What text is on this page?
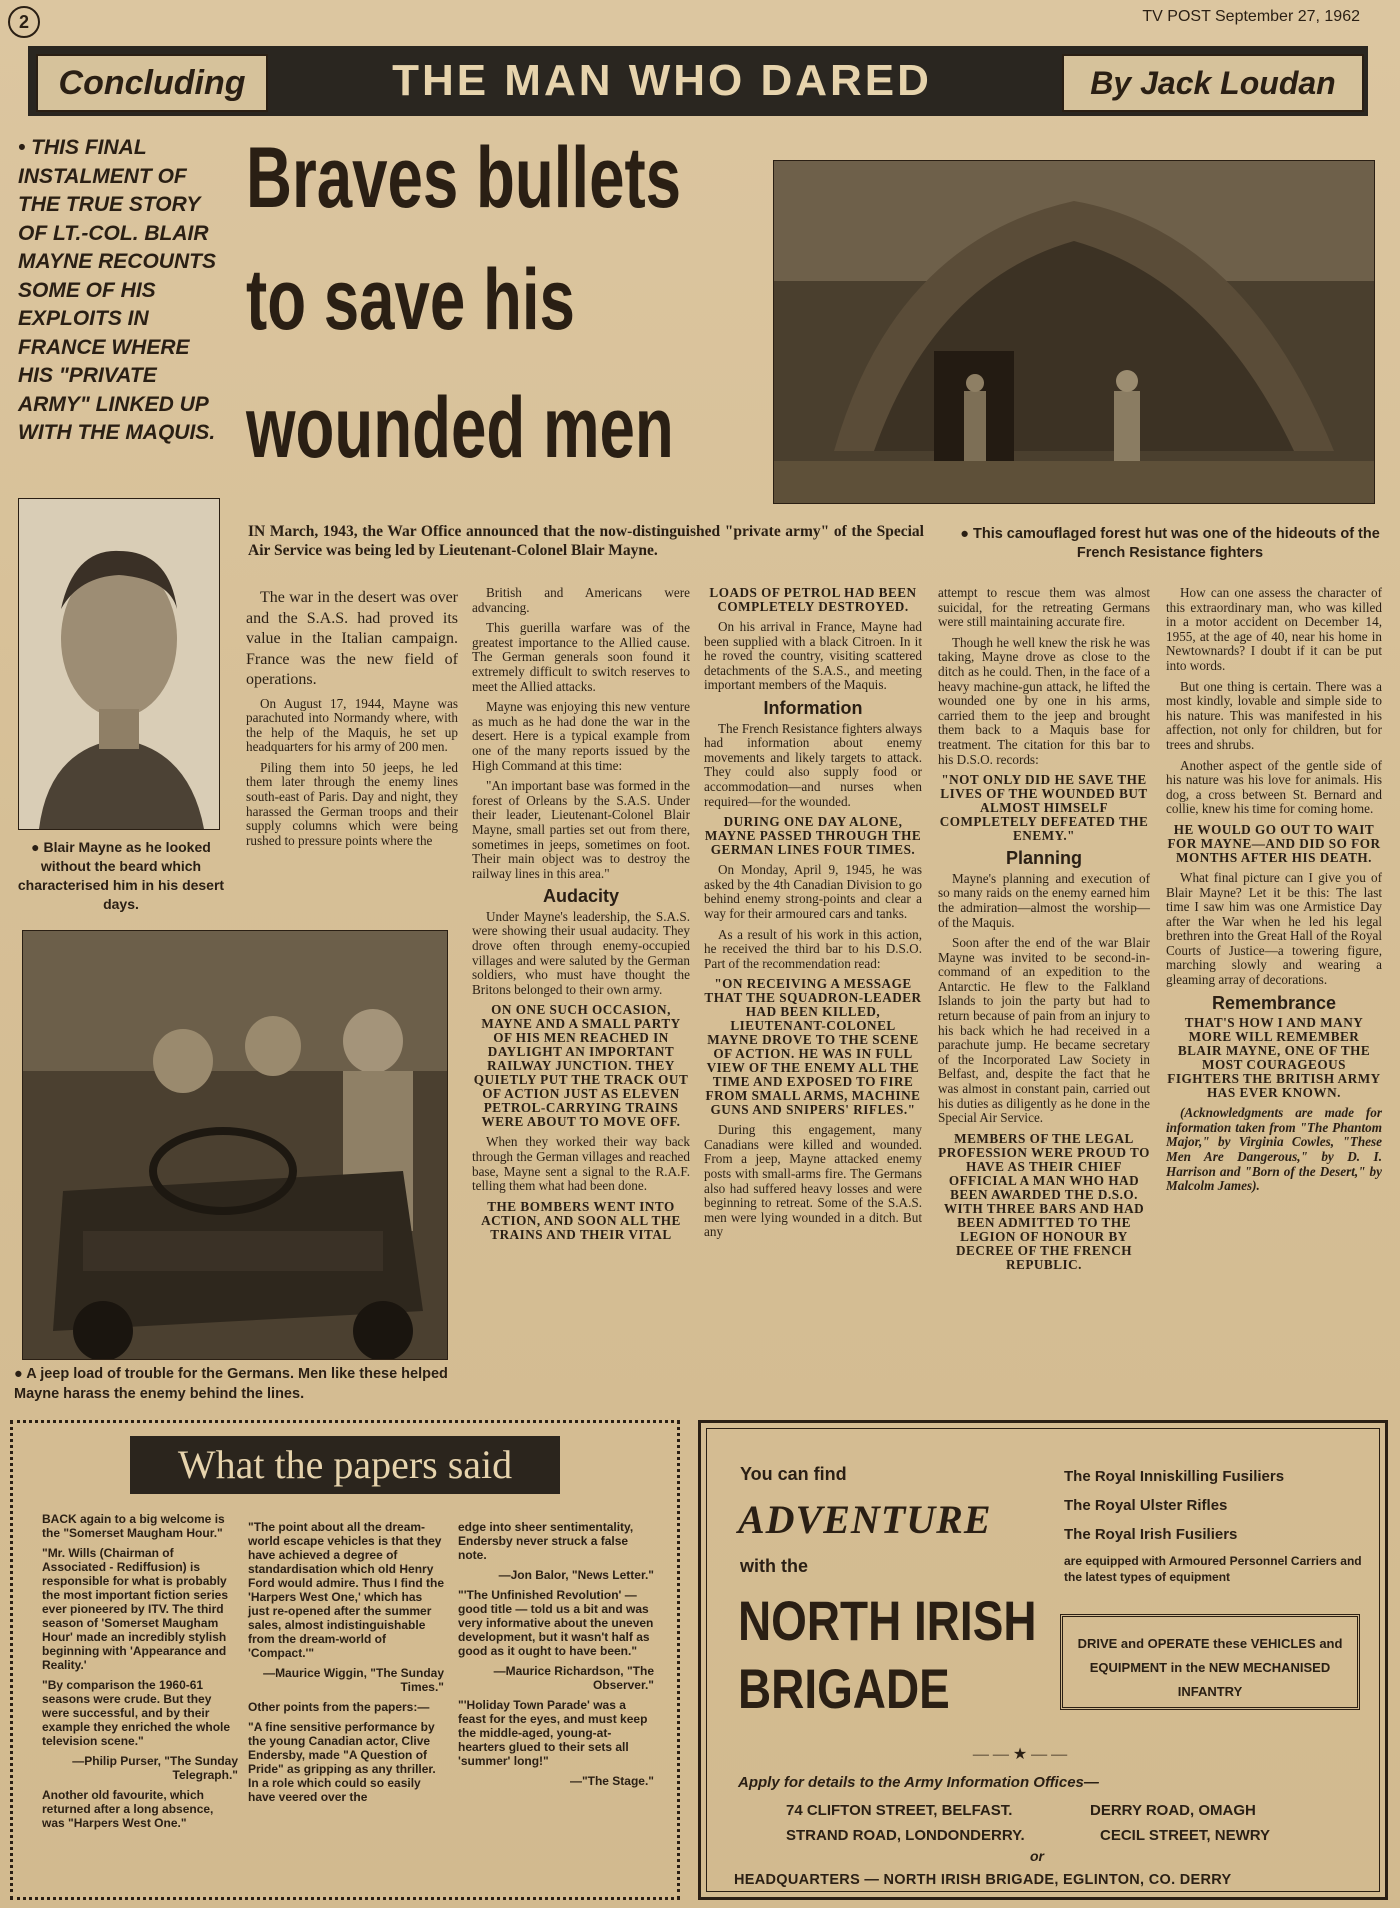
2	TV POST September 27, 1962
Concluding	THE MAN WHO DARED	By Jack Loudan
• THIS FINAL INSTALMENT OF THE TRUE STORY OF LT.-COL. BLAIR MAYNE RECOUNTS SOME OF HIS EXPLOITS IN FRANCE WHERE HIS "PRIVATE ARMY" LINKED UP WITH THE MAQUIS.
Braves bullets
to save his
wounded men
● This camouflaged forest hut was one of the hideouts of the French Resistance fighters
● Blair Mayne as he looked without the beard which characterised him in his desert days.
● A jeep load of trouble for the Germans. Men like these helped Mayne harass the enemy behind the lines.
IN March, 1943, the War Office announced that the now-distinguished "private army" of the Special Air Service was being led by Lieutenant-Colonel Blair Mayne.

The war in the desert was over and the S.A.S. had proved its value in the Italian campaign. France was the new field of operations.

On August 17, 1944, Mayne was parachuted into Normandy where, with the help of the Maquis, he set up headquarters for his army of 200 men.

Piling them into 50 jeeps, he led them later through the enemy lines south-east of Paris. Day and night, they harassed the German troops and their supply columns which were being rushed to pressure points where the

British and Americans were advancing.

This guerilla warfare was of the greatest importance to the Allied cause. The German generals soon found it extremely difficult to switch reserves to meet the Allied attacks.

Mayne was enjoying this new venture as much as he had done the war in the desert. Here is a typical example from one of the many reports issued by the High Command at this time:

"An important base was formed in the forest of Orleans by the S.A.S. Under their leader, Lieutenant-Colonel Blair Mayne, small parties set out from there, sometimes in jeeps, sometimes on foot. Their main object was to destroy the railway lines in this area."

Audacity

Under Mayne's leadership, the S.A.S. were showing their usual audacity. They drove often through enemy-occupied villages and were saluted by the German soldiers, who must have thought the Britons belonged to their own army.

ON ONE SUCH OCCASION, MAYNE AND A SMALL PARTY OF HIS MEN REACHED IN DAYLIGHT AN IMPORTANT RAILWAY JUNCTION. THEY QUIETLY PUT THE TRACK OUT OF ACTION JUST AS ELEVEN PETROL-CARRYING TRAINS WERE ABOUT TO MOVE OFF.

When they worked their way back through the German villages and reached base, Mayne sent a signal to the R.A.F. telling them what had been done.

THE BOMBERS WENT INTO ACTION, AND SOON ALL THE TRAINS AND THEIR VITAL
LOADS OF PETROL HAD BEEN COMPLETELY DESTROYED.

On his arrival in France, Mayne had been supplied with a black Citroen. In it he roved the country, visiting scattered detachments of the S.A.S., and meeting important members of the Maquis.

Information

The French Resistance fighters always had information about enemy movements and likely targets to attack. They could also supply food or accommodation—and nurses when required—for the wounded.

DURING ONE DAY ALONE, MAYNE PASSED THROUGH THE GERMAN LINES FOUR TIMES.

On Monday, April 9, 1945, he was asked by the 4th Canadian Division to go behind enemy strong-points and clear a way for their armoured cars and tanks.

As a result of his work in this action, he received the third bar to his D.S.O. Part of the recommendation read:

"ON RECEIVING A MESSAGE THAT THE SQUADRON-LEADER HAD BEEN KILLED, LIEUTENANT-COLONEL MAYNE DROVE TO THE SCENE OF ACTION. HE WAS IN FULL VIEW OF THE ENEMY ALL THE TIME AND EXPOSED TO FIRE FROM SMALL ARMS, MACHINE GUNS AND SNIPERS' RIFLES."

During this engagement, many Canadians were killed and wounded. From a jeep, Mayne attacked enemy posts with small-arms fire. The Germans also had suffered heavy losses and were beginning to retreat. Some of the S.A.S. men were lying wounded in a ditch. But any

attempt to rescue them was almost suicidal, for the retreating Germans were still maintaining accurate fire.

Though he well knew the risk he was taking, Mayne drove as close to the ditch as he could. Then, in the face of a heavy machine-gun attack, he lifted the wounded one by one in his arms, carried them to the jeep and brought them back to a Maquis base for treatment. The citation for this bar to his D.S.O. records:

"NOT ONLY DID HE SAVE THE LIVES OF THE WOUNDED BUT ALMOST HIMSELF COMPLETELY DEFEATED THE ENEMY."
Planning

Mayne's planning and execution of so many raids on the enemy earned him the admiration—almost the worship—of the Maquis.

Soon after the end of the war Blair Mayne was invited to be second-in-command of an expedition to the Antarctic. He flew to the Falkland Islands to join the party but had to return because of pain from an injury to his back which he had received in a parachute jump. He became secretary of the Incorporated Law Society in Belfast, and, despite the fact that he was almost in constant pain, carried out his duties as diligently as he done in the Special Air Service.

MEMBERS OF THE LEGAL PROFESSION WERE PROUD TO HAVE AS THEIR CHIEF OFFICIAL A MAN WHO HAD BEEN AWARDED THE D.S.O. WITH THREE BARS AND HAD BEEN ADMITTED TO THE LEGION OF HONOUR BY DECREE OF THE FRENCH REPUBLIC.

How can one assess the character of this extraordinary man, who was killed in a motor accident on December 14, 1955, at the age of 40, near his home in Newtownards? I doubt if it can be put into words.

But one thing is certain. There was a most kindly, lovable and simple side to his nature. This was manifested in his affection, not only for children, but for trees and shrubs.

Another aspect of the gentle side of his nature was his love for animals. His dog, a cross between St. Bernard and collie, knew his time for coming home.

HE WOULD GO OUT TO WAIT FOR MAYNE—AND DID SO FOR MONTHS AFTER HIS DEATH.

What final picture can I give you of Blair Mayne? Let it be this: The last time I saw him was one Armistice Day after the War when he led his legal brethren into the Great Hall of the Royal Courts of Justice—a towering figure, marching slowly and wearing a gleaming array of decorations.

Remembrance
THAT'S HOW I AND MANY MORE WILL REMEMBER BLAIR MAYNE, ONE OF THE MOST COURAGEOUS FIGHTERS THE BRITISH ARMY HAS EVER KNOWN.

(Acknowledgments are made for information taken from "The Phantom Major," by Virginia Cowles, "These Men Are Dangerous," by D. I. Harrison and "Born of the Desert," by Malcolm James).

What the papers said

BACK again to a big welcome is the "Somerset Maugham Hour."

"Mr. Wills (Chairman of Associated - Rediffusion) is responsible for what is probably the most important fiction series ever pioneered by ITV. The third season of 'Somerset Maugham Hour' made an incredibly stylish beginning with 'Appearance and Reality.'

"By comparison the 1960-61 seasons were crude. But they were successful, and by their example they enriched the whole television scene."

—Philip Purser, "The Sunday Telegraph."

Another old favourite, which returned after a long absence, was "Harpers West One."

"The point about all the dream-world escape vehicles is that they have achieved a degree of standardisation which old Henry Ford would admire. Thus I find the 'Harpers West One,' which has just re-opened after the summer sales, almost indistinguishable from the dream-world of 'Compact.'"

—Maurice Wiggin, "The Sunday Times."

Other points from the papers:—

"A fine sensitive performance by the young Canadian actor, Clive Endersby, made "A Question of Pride" as gripping as any thriller. In a role which could so easily have veered over the

edge into sheer sentimentality, Endersby never struck a false note.

—Jon Balor, "News Letter."

"'The Unfinished Revolution' — good title — told us a bit and was very informative about the uneven development, but it wasn't half as good as it ought to have been."

—Maurice Richardson, "The Observer."

"'Holiday Town Parade' was a feast for the eyes, and must keep the middle-aged, young-at-hearters glued to their sets all 'summer' long!"

—"The Stage."

You can find
ADVENTURE
with the
NORTH IRISH
BRIGADE
The Royal Inniskilling Fusiliers
The Royal Ulster Rifles
The Royal Irish Fusiliers
are equipped with Armoured Personnel Carriers and the latest types of equipment
DRIVE and OPERATE these VEHICLES and EQUIPMENT in the NEW MECHANISED INFANTRY
— — ★ — —
Apply for details to the Army Information Offices—
74 CLIFTON STREET, BELFAST.	DERRY ROAD, OMAGH
STRAND ROAD, LONDONDERRY.	CECIL STREET, NEWRY
or
HEADQUARTERS — NORTH IRISH BRIGADE, EGLINTON, CO. DERRY
